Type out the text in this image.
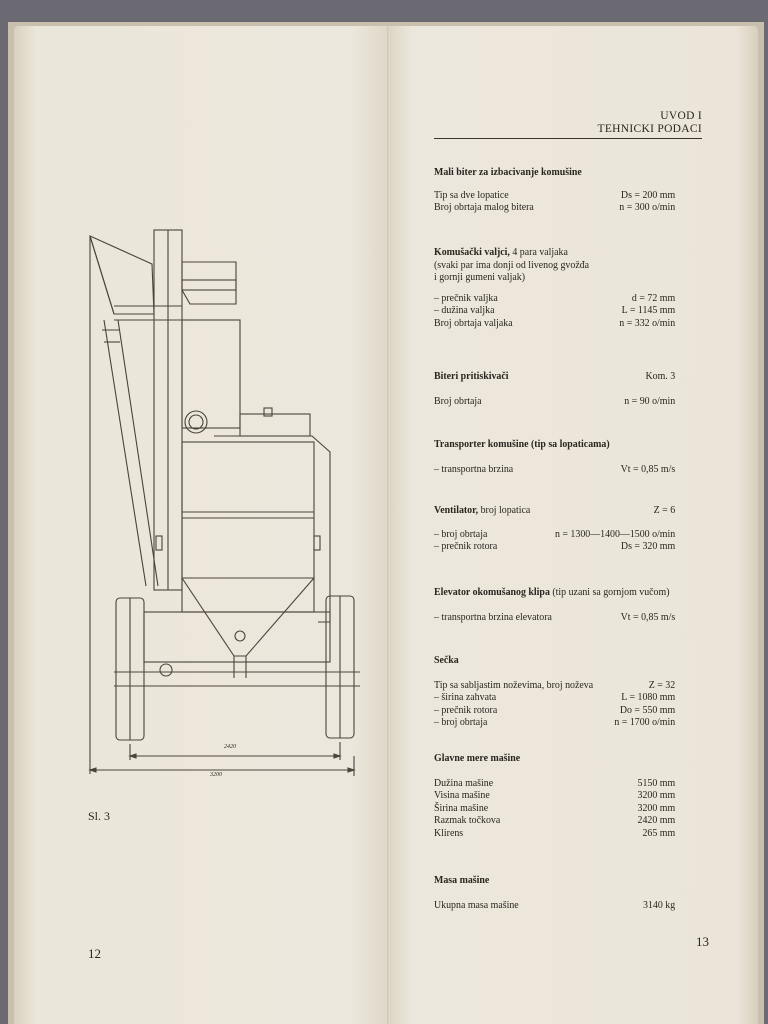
2420
3200
Sl. 3
12
UVOD I
TEHNICKI PODACI
Mali biter za izbacivanje komušine
Tip sa dve lopatice	Ds = 200 mm
Broj obrtaja malog bitera	n = 300 o/min
Komušački valjci, 4 para valjaka
(svaki par ima donji od livenog gvožđa
i gornji gumeni valjak)
– prečnik valjka	d = 72 mm
– dužina valjka	L = 1145 mm
Broj obrtaja valjaka	n = 332 o/min
Biteri pritiskivači	Kom. 3
Broj obrtaja	n = 90 o/min
Transporter komušine (tip sa lopaticama)
– transportna brzina	Vt = 0,85 m/s
Ventilator, broj lopatica	Z = 6
– broj obrtaja	n = 1300—1400—1500 o/min
– prečnik rotora	Ds = 320 mm
Elevator okomušanog klipa (tip uzani sa gornjom vučom)
– transportna brzina elevatora	Vt = 0,85 m/s
Sečka
Tip sa sabljastim noževima, broj noževa	Z = 32
– širina zahvata	L = 1080 mm
– prečnik rotora	Do = 550 mm
– broj obrtaja	n = 1700 o/min
Glavne mere mašine
Dužina mašine	5150 mm
Visina mašine	3200 mm
Širina mašine	3200 mm
Razmak točkova	2420 mm
Klirens	265 mm
Masa mašine
Ukupna masa mašine	3140 kg
13
